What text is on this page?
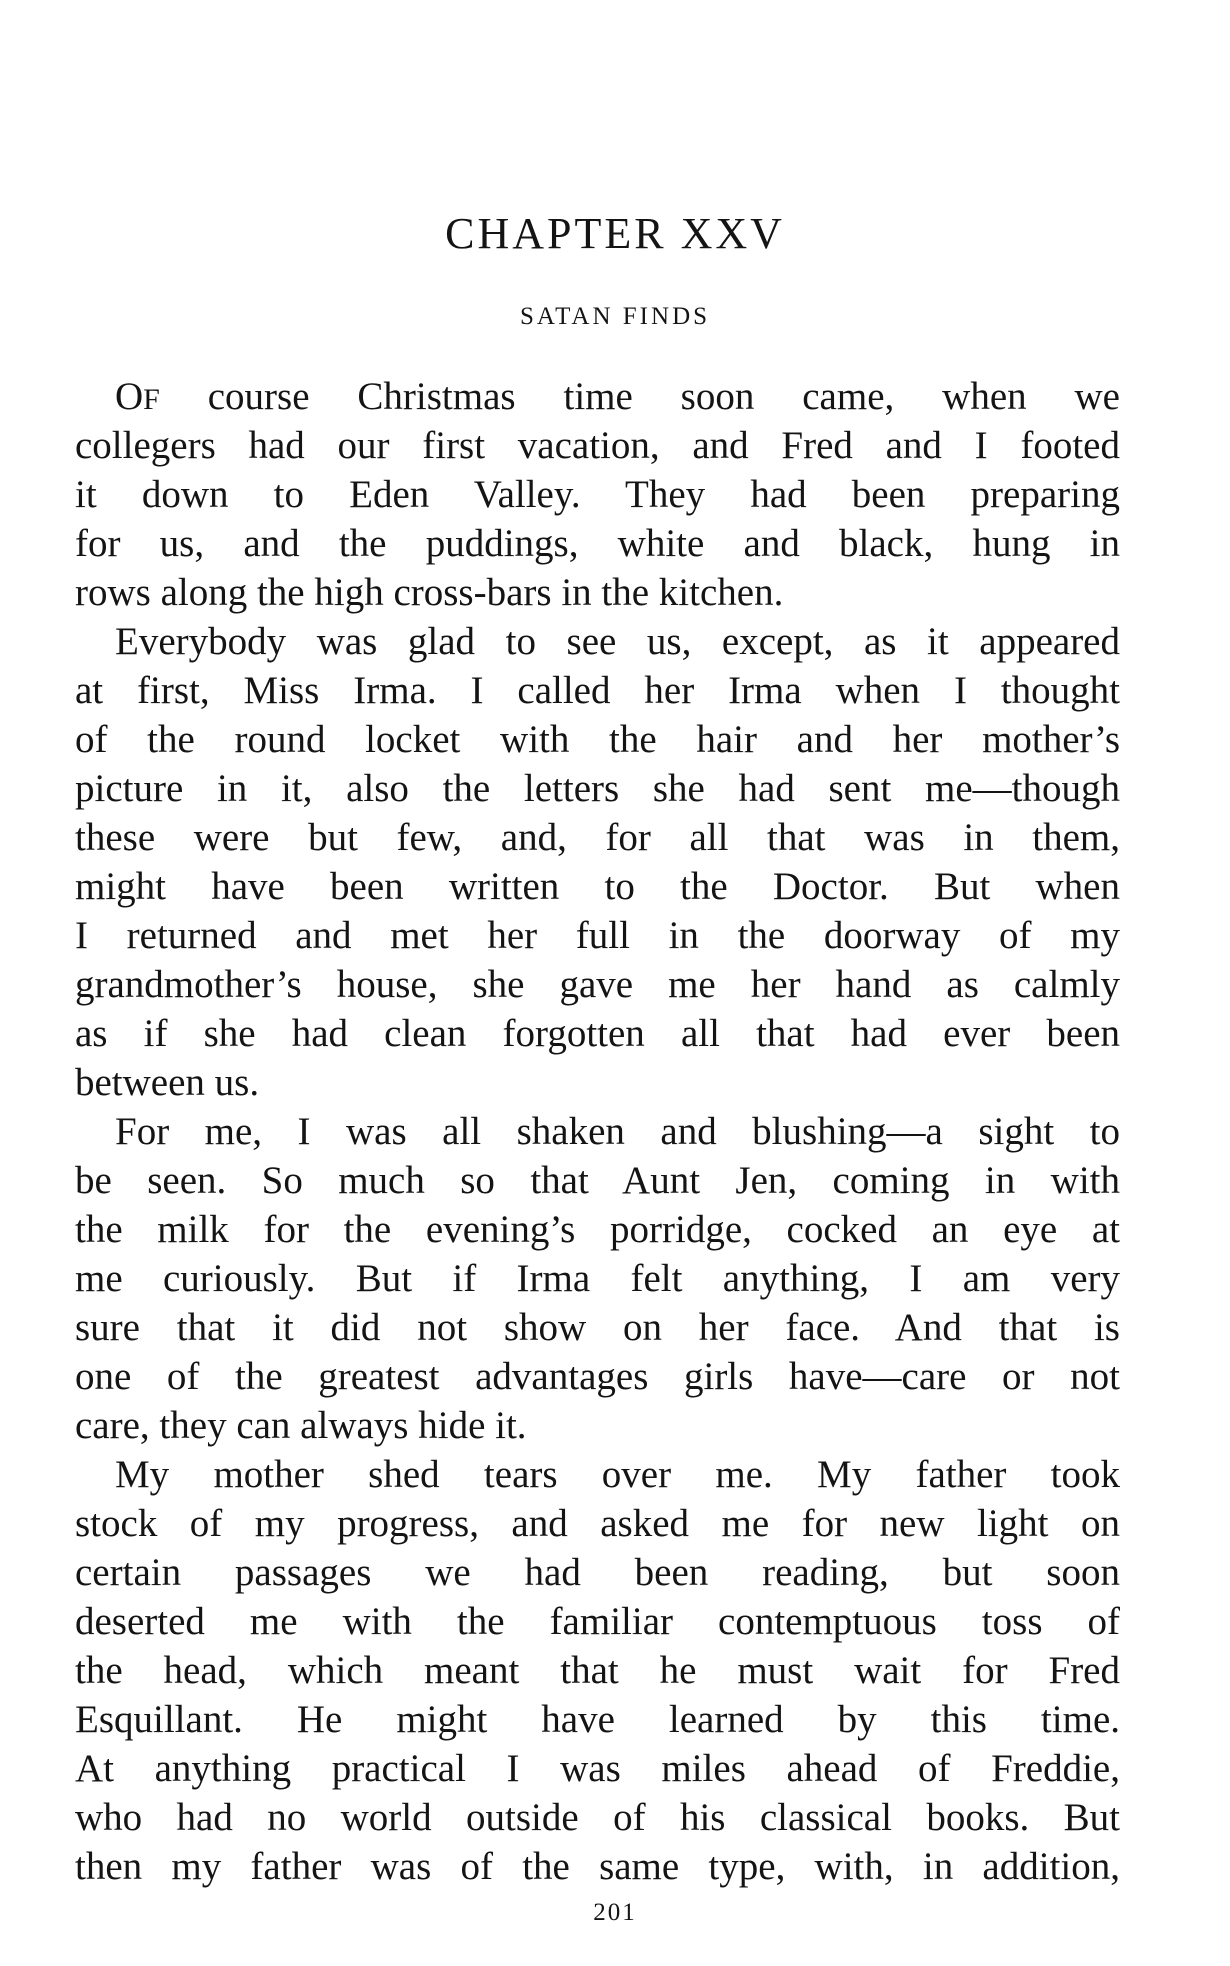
CHAPTER XXV
SATAN FINDS
OF course Christmas time soon came, when we
collegers had our first vacation, and Fred and I footed
it down to Eden Valley. They had been preparing
for us, and the puddings, white and black, hung in
rows along the high cross-bars in the kitchen.
Everybody was glad to see us, except, as it appeared
at first, Miss Irma. I called her Irma when I thought
of the round locket with the hair and her mother’s
picture in it, also the letters she had sent me—though
these were but few, and, for all that was in them,
might have been written to the Doctor. But when
I returned and met her full in the doorway of my
grandmother’s house, she gave me her hand as calmly
as if she had clean forgotten all that had ever been
between us.
For me, I was all shaken and blushing—a sight to
be seen. So much so that Aunt Jen, coming in with
the milk for the evening’s porridge, cocked an eye at
me curiously. But if Irma felt anything, I am very
sure that it did not show on her face. And that is
one of the greatest advantages girls have—care or not
care, they can always hide it.
My mother shed tears over me. My father took
stock of my progress, and asked me for new light on
certain passages we had been reading, but soon
deserted me with the familiar contemptuous toss of
the head, which meant that he must wait for Fred
Esquillant. He might have learned by this time.
At anything practical I was miles ahead of Freddie,
who had no world outside of his classical books. But
then my father was of the same type, with, in addition,
201
